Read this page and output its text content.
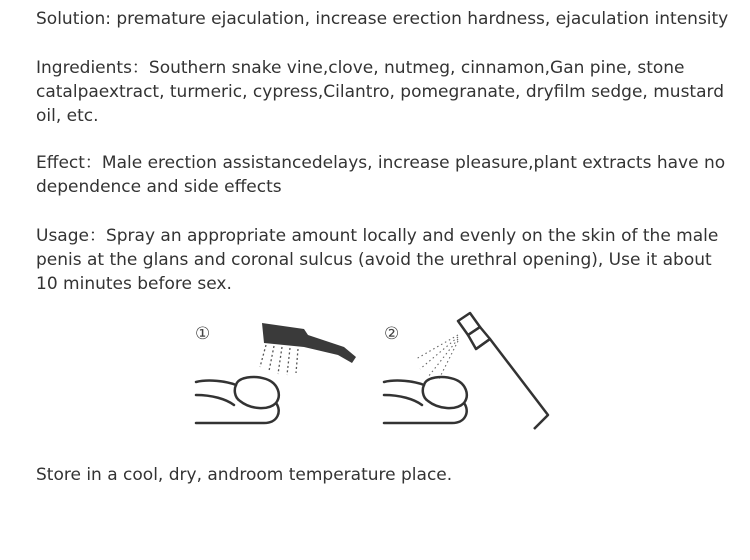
Solution: premature ejaculation, increase erection hardness, ejaculation intensity

Ingredients：Southern snake vine,clove, nutmeg, cinnamon,Gan pine, stone catalpaextract, turmeric, cypress,Cilantro, pomegranate, dryfilm sedge, mustard oil, etc.

Effect：Male erection assistancedelays, increase pleasure,plant extracts have no dependence and side effects

Usage：Spray an appropriate amount locally and evenly on the skin of the male penis at the glans and coronal sulcus (avoid the urethral opening), Use it about 10 minutes before sex.

①	②

Store in a cool, dry, androom temperature place.
